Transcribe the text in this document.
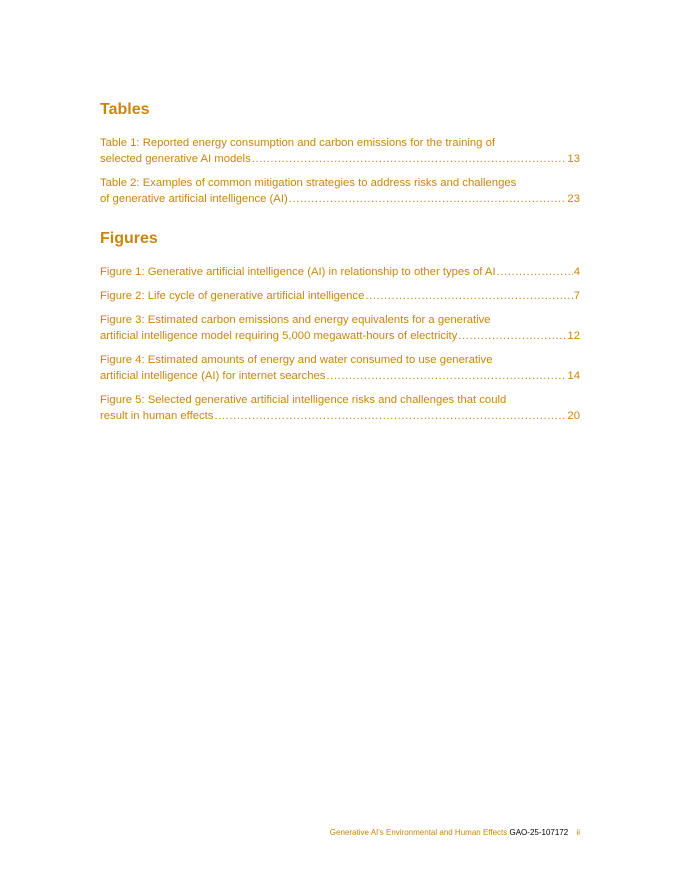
Tables
Table 1: Reported energy consumption and carbon emissions for the training of
selected generative AI models .....	13
Table 2: Examples of common mitigation strategies to address risks and challenges
of generative artificial intelligence (AI) .....	23
Figures
Figure 1: Generative artificial intelligence (AI) in relationship to other types of AI .....	4
Figure 2: Life cycle of generative artificial intelligence .....	7
Figure 3: Estimated carbon emissions and energy equivalents for a generative
artificial intelligence model requiring 5,000 megawatt-hours of electricity .....	12
Figure 4: Estimated amounts of energy and water consumed to use generative
artificial intelligence (AI) for internet searches .....	14
Figure 5: Selected generative artificial intelligence risks and challenges that could
result in human effects .....	20
Generative AI's Environmental and Human Effects GAO-25-107172 ii
